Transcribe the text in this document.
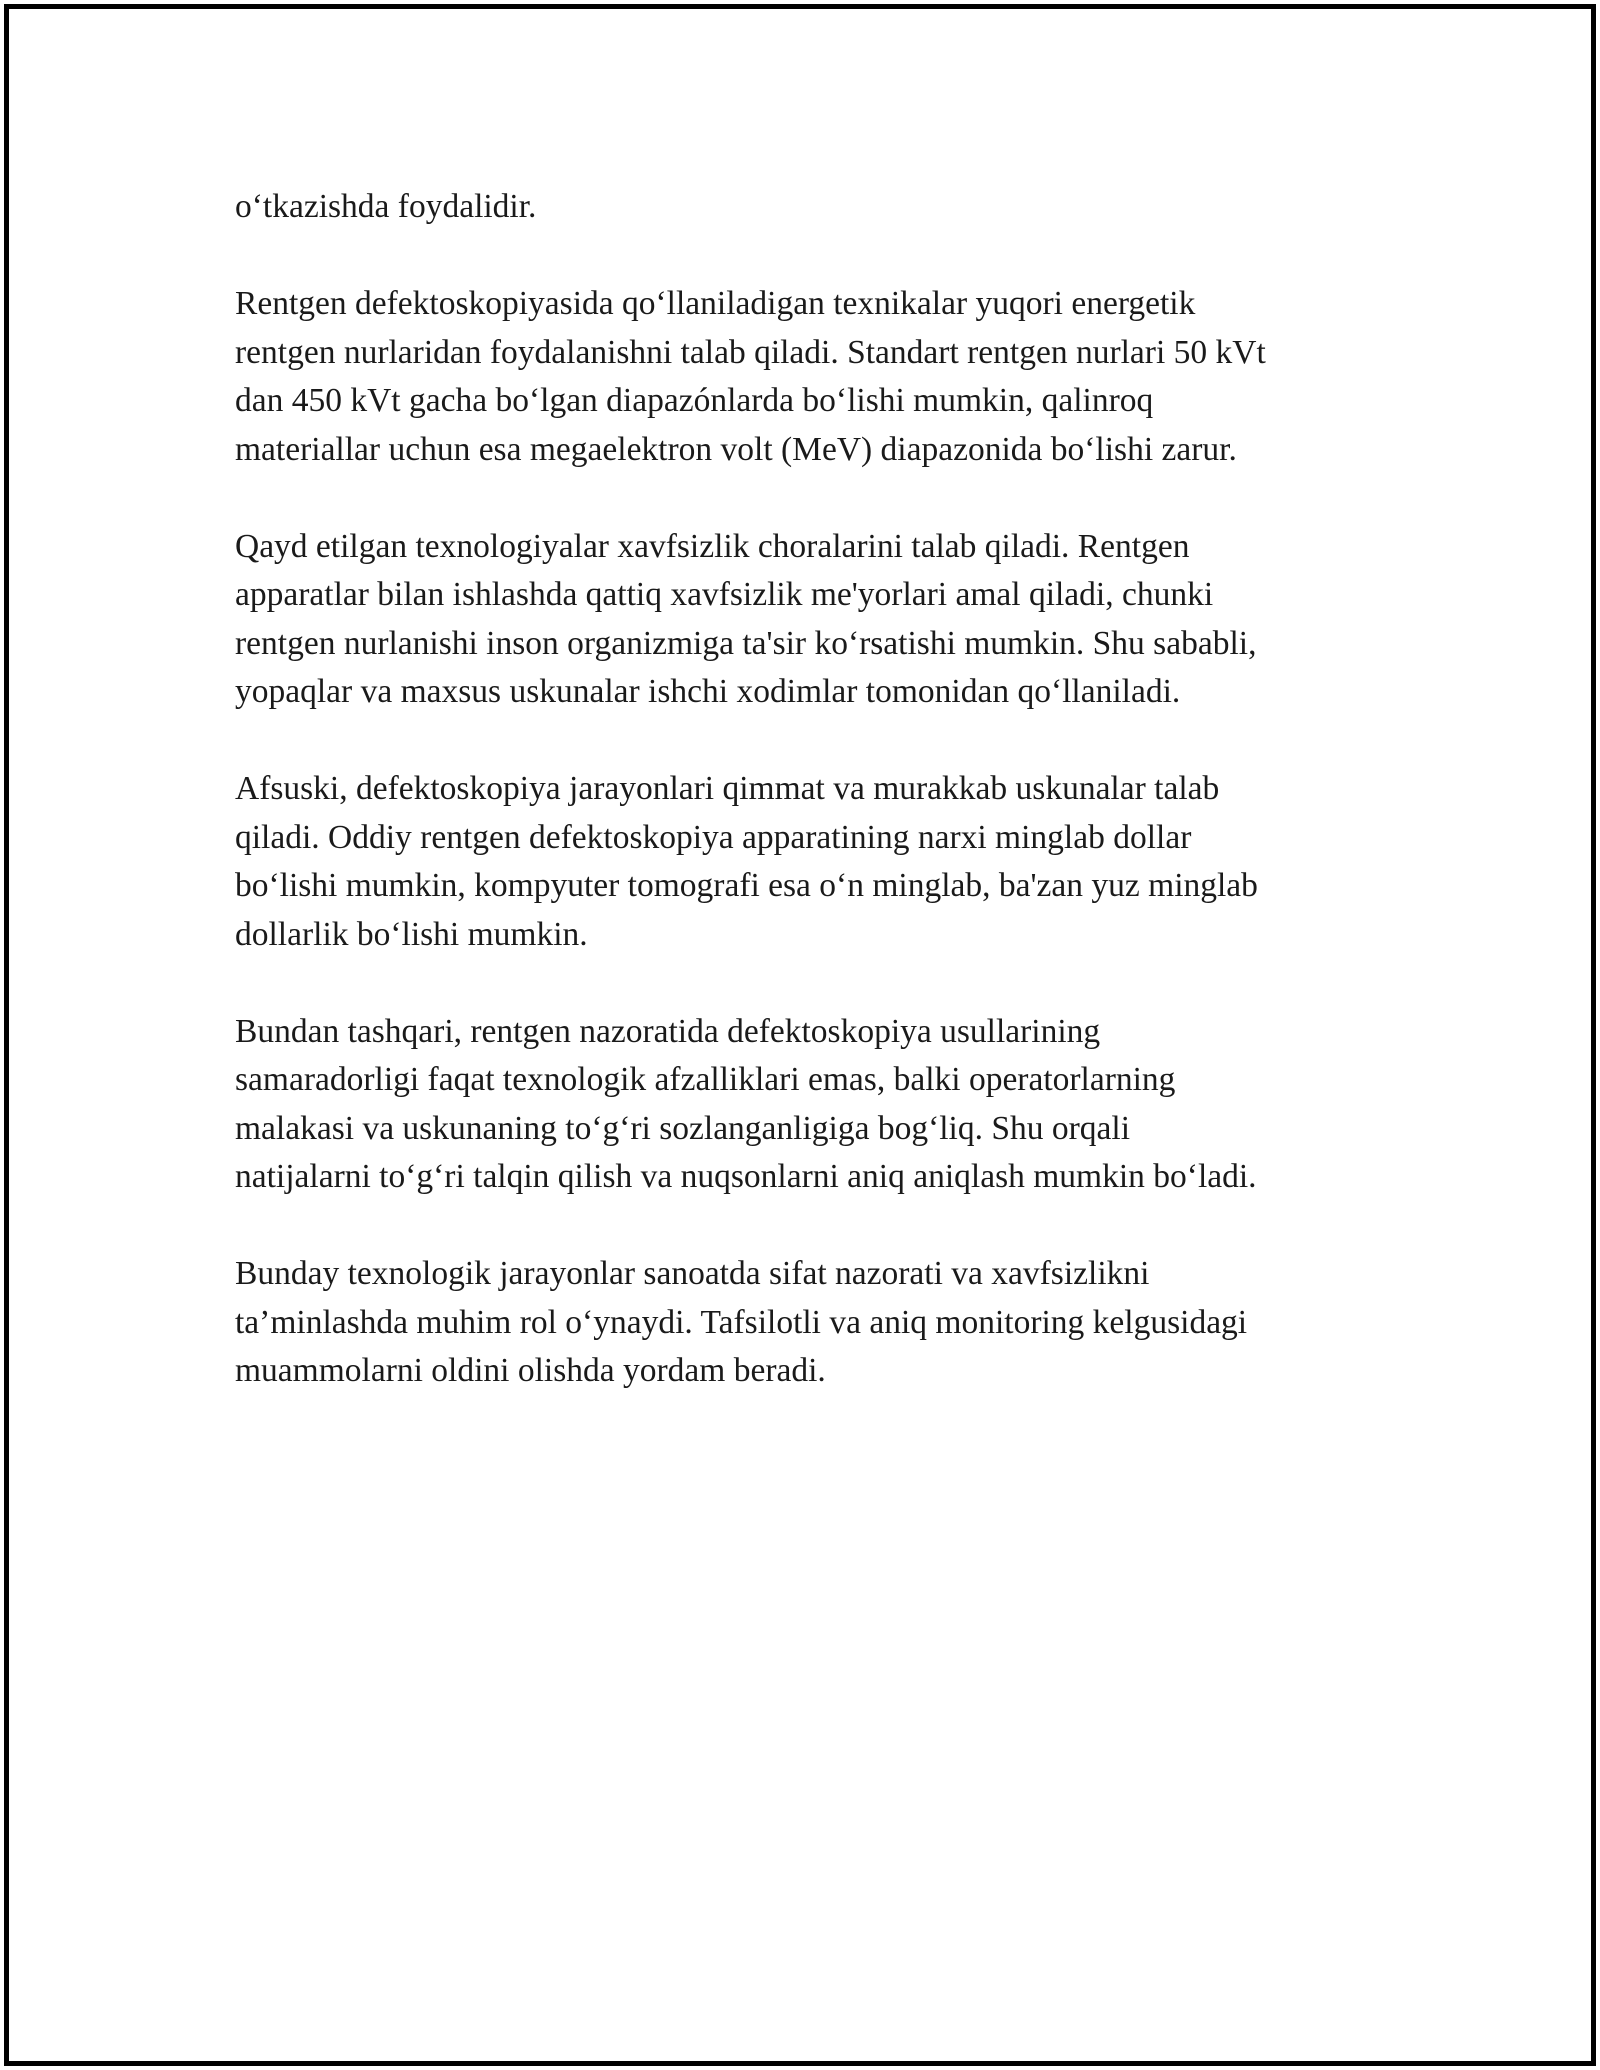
o‘tkazishda foydalidir.

Rentgen defektoskopiyasida qo‘llaniladigan texnikalar yuqori energetik
rentgen nurlaridan foydalanishni talab qiladi. Standart rentgen nurlari 50 kVt
dan 450 kVt gacha bo‘lgan diapazónlarda bo‘lishi mumkin, qalinroq
materiallar uchun esa megaelektron volt (MeV) diapazonida bo‘lishi zarur.

Qayd etilgan texnologiyalar xavfsizlik choralarini talab qiladi. Rentgen
apparatlar bilan ishlashda qattiq xavfsizlik me'yorlari amal qiladi, chunki
rentgen nurlanishi inson organizmiga ta'sir ko‘rsatishi mumkin. Shu sababli,
yopaqlar va maxsus uskunalar ishchi xodimlar tomonidan qo‘llaniladi.

Afsuski, defektoskopiya jarayonlari qimmat va murakkab uskunalar talab
qiladi. Oddiy rentgen defektoskopiya apparatining narxi minglab dollar
bo‘lishi mumkin, kompyuter tomografi esa o‘n minglab, ba'zan yuz minglab
dollarlik bo‘lishi mumkin.

Bundan tashqari, rentgen nazoratida defektoskopiya usullarining
samaradorligi faqat texnologik afzalliklari emas, balki operatorlarning
malakasi va uskunaning to‘g‘ri sozlanganligiga bog‘liq. Shu orqali
natijalarni to‘g‘ri talqin qilish va nuqsonlarni aniq aniqlash mumkin bo‘ladi.

Bunday texnologik jarayonlar sanoatda sifat nazorati va xavfsizlikni
ta’minlashda muhim rol o‘ynaydi. Tafsilotli va aniq monitoring kelgusidagi
muammolarni oldini olishda yordam beradi.
